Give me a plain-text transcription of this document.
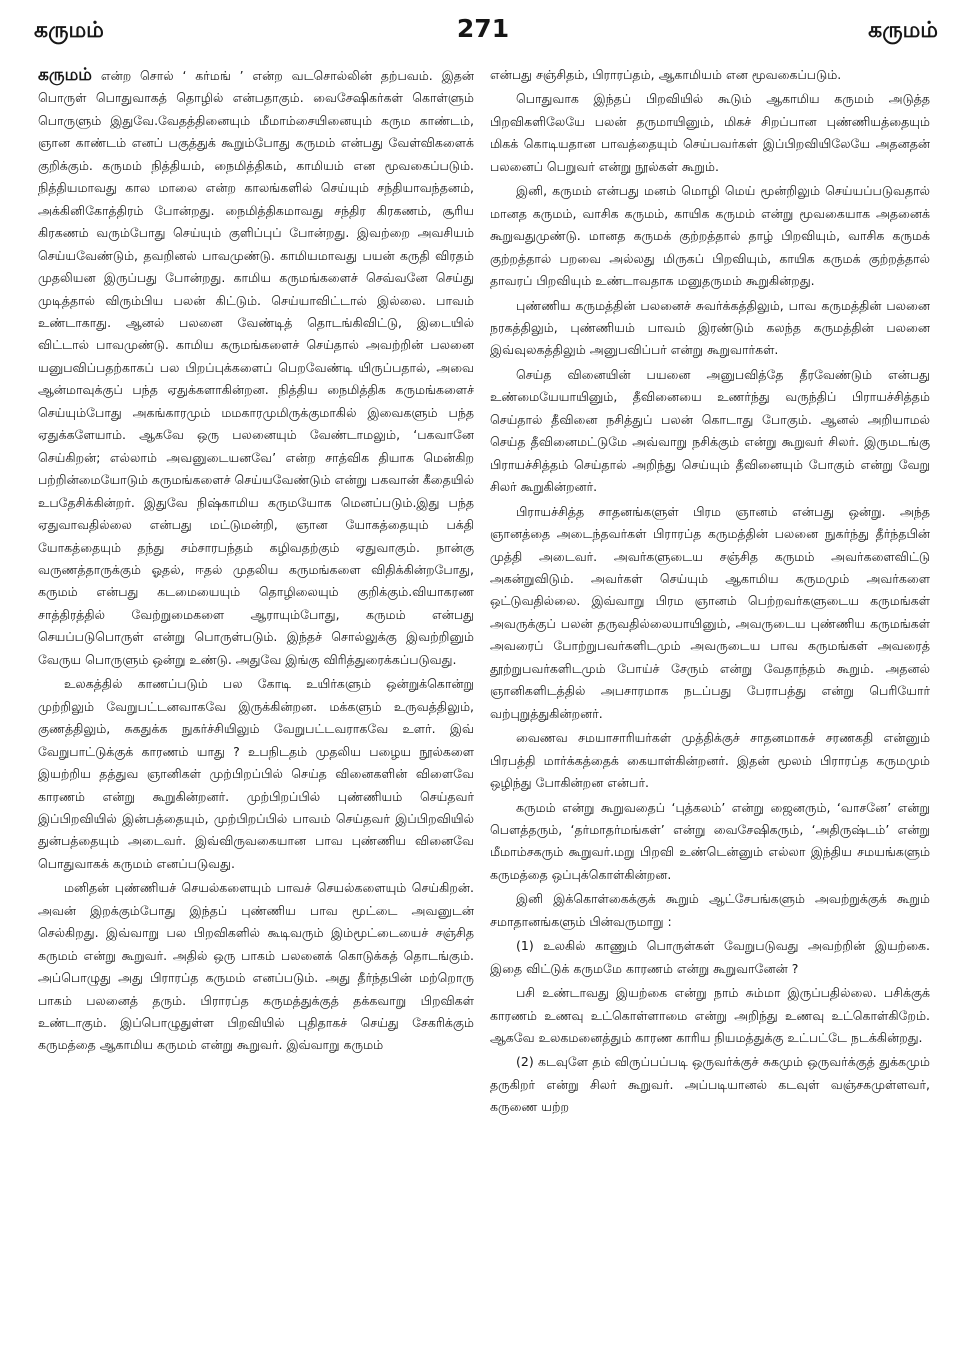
271
கருமம்	கருமம்

கருமம் என்ற சொல் ‘ கர்மங் ’ என்ற வடசொல்லின் தற்பவம். இதன் பொருள் பொதுவாகத் தொழில் என்பதாகும். வைசேஷிகர்கள் கொள்ளும் பொருளும் இதுவே.வேதத்தினையும் மீமாம்சையினையும் கரும காண்டம், ஞான காண்டம் எனப் பகுத்துக் கூறும்போது கருமம் என்பது வேள்விகளைக் குறிக்கும். கருமம் நித்தியம், நைமித்திகம், காமியம் என மூவகைப்படும். நித்தியமாவது கால மாலை என்ற காலங்களில் செய்யும் சந்தியாவந்தனம், அக்கினிகோத்திரம் போன்றது. நைமித்திகமாவது சந்திர கிரகணம், சூரிய கிரகணம் வரும்போது செய்யும் குளிப்புப் போன்றது. இவற்றை அவசியம் செய்யவேண்டும், தவறினல் பாவமுண்டு. காமியமாவது பயன் கருதி விரதம் முதலியன இருப்பது போன்றது. காமிய கருமங்களைச் செவ்வனே செய்து முடித்தால் விரும்பிய பலன் கிட்டும். செய்யாவிட்டால் இல்லை. பாவம் உண்டாகாது. ஆனல் பலனை வேண்டித் தொடங்கிவிட்டு, இடையில் விட்டால் பாவமுண்டு. காமிய கருமங்களைச் செய்தால் அவற்றின் பலனை யனுபவிப்பதற்காகப் பல பிறப்புக்களைப் பெறவேண்டி யிருப்பதால், அவை ஆன்மாவுக்குப் பந்த ஏதுக்களாகின்றன. நித்திய நைமித்திக கருமங்களைச் செய்யும்போது அகங்காரமும் மமகாரமுமிருக்குமாகில் இவைகளும் பந்த ஏதுக்களேயாம். ஆகவே ஒரு பலனையும் வேண்டாமலும், ‘பகவானே செய்கிறன்; எல்லாம் அவனுடையனவே’ என்ற சாத்விக தியாக மென்கிற பற்றின்மையோடும் கருமங்களைச் செய்யவேண்டும் என்று பகவான் கீதையில் உபதேசிக்கின்றர். இதுவே நிஷ்காமிய கருமயோக மெனப்படும்.இது பந்த ஏதுவாவதில்லை என்பது மட்டுமன்றி, ஞான யோகத்தையும் பக்தி யோகத்தையும் தந்து சம்சாரபந்தம் கழிவதற்கும் ஏதுவாகும். நான்கு வருணத்தாருக்கும் ஓதல், ஈதல் முதலிய கருமங்களை விதிக்கின்றபோது, கருமம் என்பது கடமையையும் தொழிலையும் குறிக்கும்.வியாகரண சாத்திரத்தில் வேற்றுமைகளை ஆராயும்போது, கருமம் என்பது செயப்படுபொருள் என்று பொருள்படும். இந்தச் சொல்லுக்கு இவற்றினும் வேருய பொருளும் ஒன்று உண்டு. அதுவே இங்கு விரித்துரைக்கப்படுவது.

உலகத்தில் காணப்படும் பல கோடி உயிர்களும் ஒன்றுக்கொன்று முற்றிலும் வேறுபட்டனவாகவே இருக்கின்றன. மக்களும் உருவத்திலும், குணத்திலும், சுகதுக்க நுகர்ச்சியிலும் வேறுபட்டவராகவே உளர். இவ் வேறுபாட்டுக்குக் காரணம் யாது ? உபநிடதம் முதலிய பழைய நூல்களை இயற்றிய தத்துவ ஞானிகள் முற்பிறப்பில் செய்த வினைகளின் விளைவே காரணம் என்று கூறுகின்றனர். முற்பிறப்பில் புண்ணியம் செய்தவர் இப்பிறவியில் இன்பத்தையும், முற்பிறப்பில் பாவம் செய்தவர் இப்பிறவியில் துன்பத்தையும் அடைவர். இவ்விருவகையான பாவ புண்ணிய வினைவே பொதுவாகக் கருமம் எனப்படுவது.

மனிதன் புண்ணியச் செயல்களையும் பாவச் செயல்களையும் செய்கிறன். அவன் இறக்கும்போது இந்தப் புண்ணிய பாவ மூட்டை அவனுடன் செல்கிறது. இவ்வாறு பல பிறவிகளில் கூடிவரும் இம்மூட்டையைச் சஞ்சித கருமம் என்று கூறுவர். அதில் ஒரு பாகம் பலனைக் கொடுக்கத் தொடங்கும். அப்பொழுது அது பிராரப்த கருமம் எனப்படும். அது தீர்ந்தபின் மற்றொரு பாகம் பலனைத் தரும். பிராரப்த கருமத்துக்குத் தக்கவாறு பிறவிகள் உண்டாகும். இப்பொழுதுள்ள பிறவியில் புதிதாகச் செய்து சேகரிக்கும் கருமத்தை ஆகாமிய கருமம் என்று கூறுவர். இவ்வாறு கருமம்

என்பது சஞ்சிதம், பிராரப்தம், ஆகாமியம் என மூவகைப்படும்.

பொதுவாக இந்தப் பிறவியில் கூடும் ஆகாமிய கருமம் அடுத்த பிறவிகளிலேயே பலன் தருமாயினும், மிகச் சிறப்பான புண்ணியத்தையும் மிகக் கொடியதான பாவத்தையும் செய்பவர்கள் இப்பிறவியிலேயே அதனதன் பலனைப் பெறுவர் என்று நூல்கள் கூறும்.

இனி, கருமம் என்பது மனம் மொழி மெய் மூன்றிலும் செய்யப்படுவதால் மானத கருமம், வாசிக கருமம், காயிக கருமம் என்று மூவகையாக அதனைக் கூறுவதுமுண்டு. மானத கருமக் குற்றத்தால் தாழ் பிறவியும், வாசிக கருமக் குற்றத்தால் பறவை அல்லது மிருகப் பிறவியும், காயிக கருமக் குற்றத்தால் தாவரப் பிறவியும் உண்டாவதாக மனுதருமம் கூறுகின்றது.

புண்ணிய கருமத்தின் பலனைச் சுவர்க்கத்திலும், பாவ கருமத்தின் பலனை நரகத்திலும், புண்ணியம் பாவம் இரண்டும் கலந்த கருமத்தின் பலனை இவ்வுலகத்திலும் அனுபவிப்பர் என்று கூறுவார்கள்.

செய்த வினையின் பயனை அனுபவித்தே தீரவேண்டும் என்பது உண்மையேயாயினும், தீவினையை உணர்ந்து வருந்திப் பிராயச்சித்தம் செய்தால் தீவினை நசித்துப் பலன் கொடாது போகும். ஆனல் அறியாமல் செய்த தீவினைமட்டுமே அவ்வாறு நசிக்கும் என்று கூறுவர் சிலர். இருமடங்கு பிராயச்சித்தம் செய்தால் அறிந்து செய்யும் தீவினையும் போகும் என்று வேறு சிலர் கூறுகின்றனர்.

பிராயச்சித்த சாதனங்களுள் பிரம ஞானம் என்பது ஒன்று. அந்த ஞானத்தை அடைந்தவர்கள் பிராரப்த கருமத்தின் பலனை நுகர்ந்து தீர்ந்தபின் முத்தி அடைவர். அவர்களுடைய சஞ்சித கருமம் அவர்களைவிட்டு அகன்றுவிடும். அவர்கள் செய்யும் ஆகாமிய கருமமும் அவர்களை ஒட்டுவதில்லை. இவ்வாறு பிரம ஞானம் பெற்றவர்களுடைய கருமங்கள் அவருக்குப் பலன் தருவதில்லையாயினும், அவருடைய புண்ணிய கருமங்கள் அவரைப் போற்றுபவர்களிடமும் அவருடைய பாவ கருமங்கள் அவரைத் தூற்றுபவர்களிடமும் போய்ச் சேரும் என்று வேதாந்தம் கூறும். அதனல் ஞானிகளிடத்தில் அபசாரமாக நடப்பது பேராபத்து என்று பெரியோர் வற்புறுத்துகின்றனர்.

வைணவ சமயாசாரியர்கள் முத்திக்குச் சாதனமாகச் சரணகதி என்னும் பிரபத்தி மார்க்கத்தைக் கையாள்கின்றனர். இதன் மூலம் பிராரப்த கருமமும் ஒழிந்து போகின்றன என்பர்.

கருமம் என்று கூறுவதைப் ‘புத்கலம்’ என்று ஜைனரும், ‘வாசனே’ என்று பௌத்தரும், ‘தர்மாதர்மங்கள்’ என்று வைசேஷிகரும், ‘அதிருஷ்டம்’ என்று மீமாம்சகரும் கூறுவர்.மறு பிறவி உண்டென்னும் எல்லா இந்திய சமயங்களும் கருமத்தை ஒப்புக்கொள்கின்றன.

இனி இக்கொள்கைக்குக் கூறும் ஆட்சேபங்களும் அவற்றுக்குக் கூறும் சமாதானங்களும் பின்வருமாறு :

(1) உலகில் காணும் பொருள்கள் வேறுபடுவது அவற்றின் இயற்கை. இதை விட்டுக் கருமமே காரணம் என்று கூறுவானேன் ?

பசி உண்டாவது இயற்கை என்று நாம் சும்மா இருப்பதில்லை. பசிக்குக் காரணம் உணவு உட்கொள்ளாமை என்று அறிந்து உணவு உட்கொள்கிறேம். ஆகவே உலகமனைத்தும் காரண காரிய நியமத்துக்கு உட்பட்டே நடக்கின்றது.

(2) கடவுளே தம் விருப்பப்படி ஒருவர்க்குச் சுகமும் ஒருவர்க்குத் துக்கமும் தருகிறர் என்று சிலர் கூறுவர். அப்படியானல் கடவுள் வஞ்சகமுள்ளவர், கருணை யற்ற
